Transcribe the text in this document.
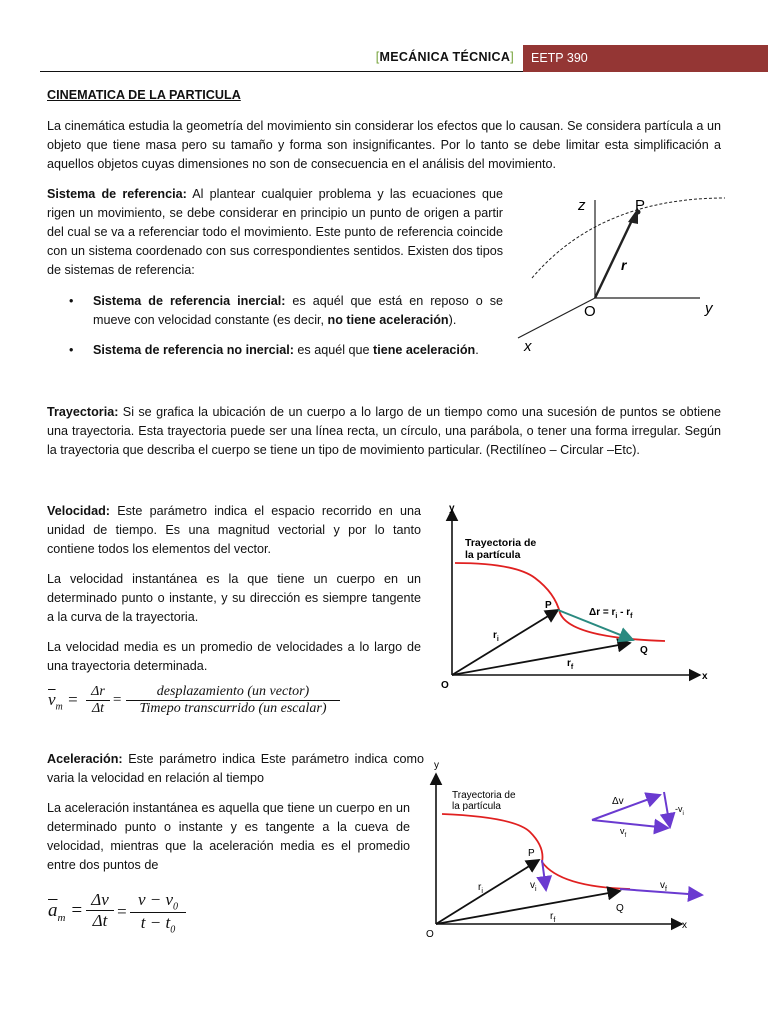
[MECÁNICA TÉCNICA]	EETP 390
CINEMATICA DE LA PARTICULA
La cinemática estudia la geometría del movimiento sin considerar los efectos que lo causan. Se considera partícula a un objeto que tiene masa pero su tamaño y forma son insignificantes. Por lo tanto se debe limitar esta simplificación a aquellos objetos cuyas dimensiones no son de consecuencia en el análisis del movimiento.
Sistema de referencia: Al plantear cualquier problema y las ecuaciones que rigen un movimiento, se debe considerar en principio un punto de origen a partir del cual se va a referenciar todo el movimiento. Este punto de referencia coincide con un sistema coordenado con sus correspondientes sentidos. Existen dos tipos de sistemas de referencia:
• Sistema de referencia inercial: es aquél que está en reposo o se mueve con velocidad constante (es decir, no tiene aceleración).
• Sistema de referencia no inercial: es aquél que tiene aceleración.
z	P
r
O	y
x
Trayectoria: Si se grafica la ubicación de un cuerpo a lo largo de un tiempo como una sucesión de puntos se obtiene una trayectoria. Esta trayectoria puede ser una línea recta, un círculo, una parábola, o tener una forma irregular. Según la trayectoria que describa el cuerpo se tiene un tipo de movimiento particular. (Rectilíneo – Circular –Etc).
Velocidad: Este parámetro indica el espacio recorrido en una unidad de tiempo. Es una magnitud vectorial y por lo tanto contiene todos los elementos del vector.
La velocidad instantánea es la que tiene un cuerpo en un determinado punto o instante, y su dirección es siempre tangente a la curva de la trayectoria.
La velocidad media es un promedio de velocidades a lo largo de una trayectoria determinada.
$\overline{v}_m = \Delta r$
Δt
=
desplazamiento (un vector)
Timepo transcurrido (un escalar)
Trayectoria de
la partícula
y
x
P
Q
O
$r_i$
$r_f$
$\Delta r = r_i - r_f$
Aceleración: Este parámetro indica Este parámetro indica como varia la velocidad en relación al tiempo
La aceleración instantánea es aquella que tiene un cuerpo en un determinado punto o instante y es tangente a la cueva de velocidad, mientras que la aceleración media es el promedio entre dos puntos de
$\overline{a}_m$ =
Δv
Δt =
$v - v_0$
$t - t_0$
Trayectoria de
la partícula
y
x
P
Q
O
$r_i$
$r_f$
$v_i$	$v_f$
Δv
$-v_i$
$v_f$
